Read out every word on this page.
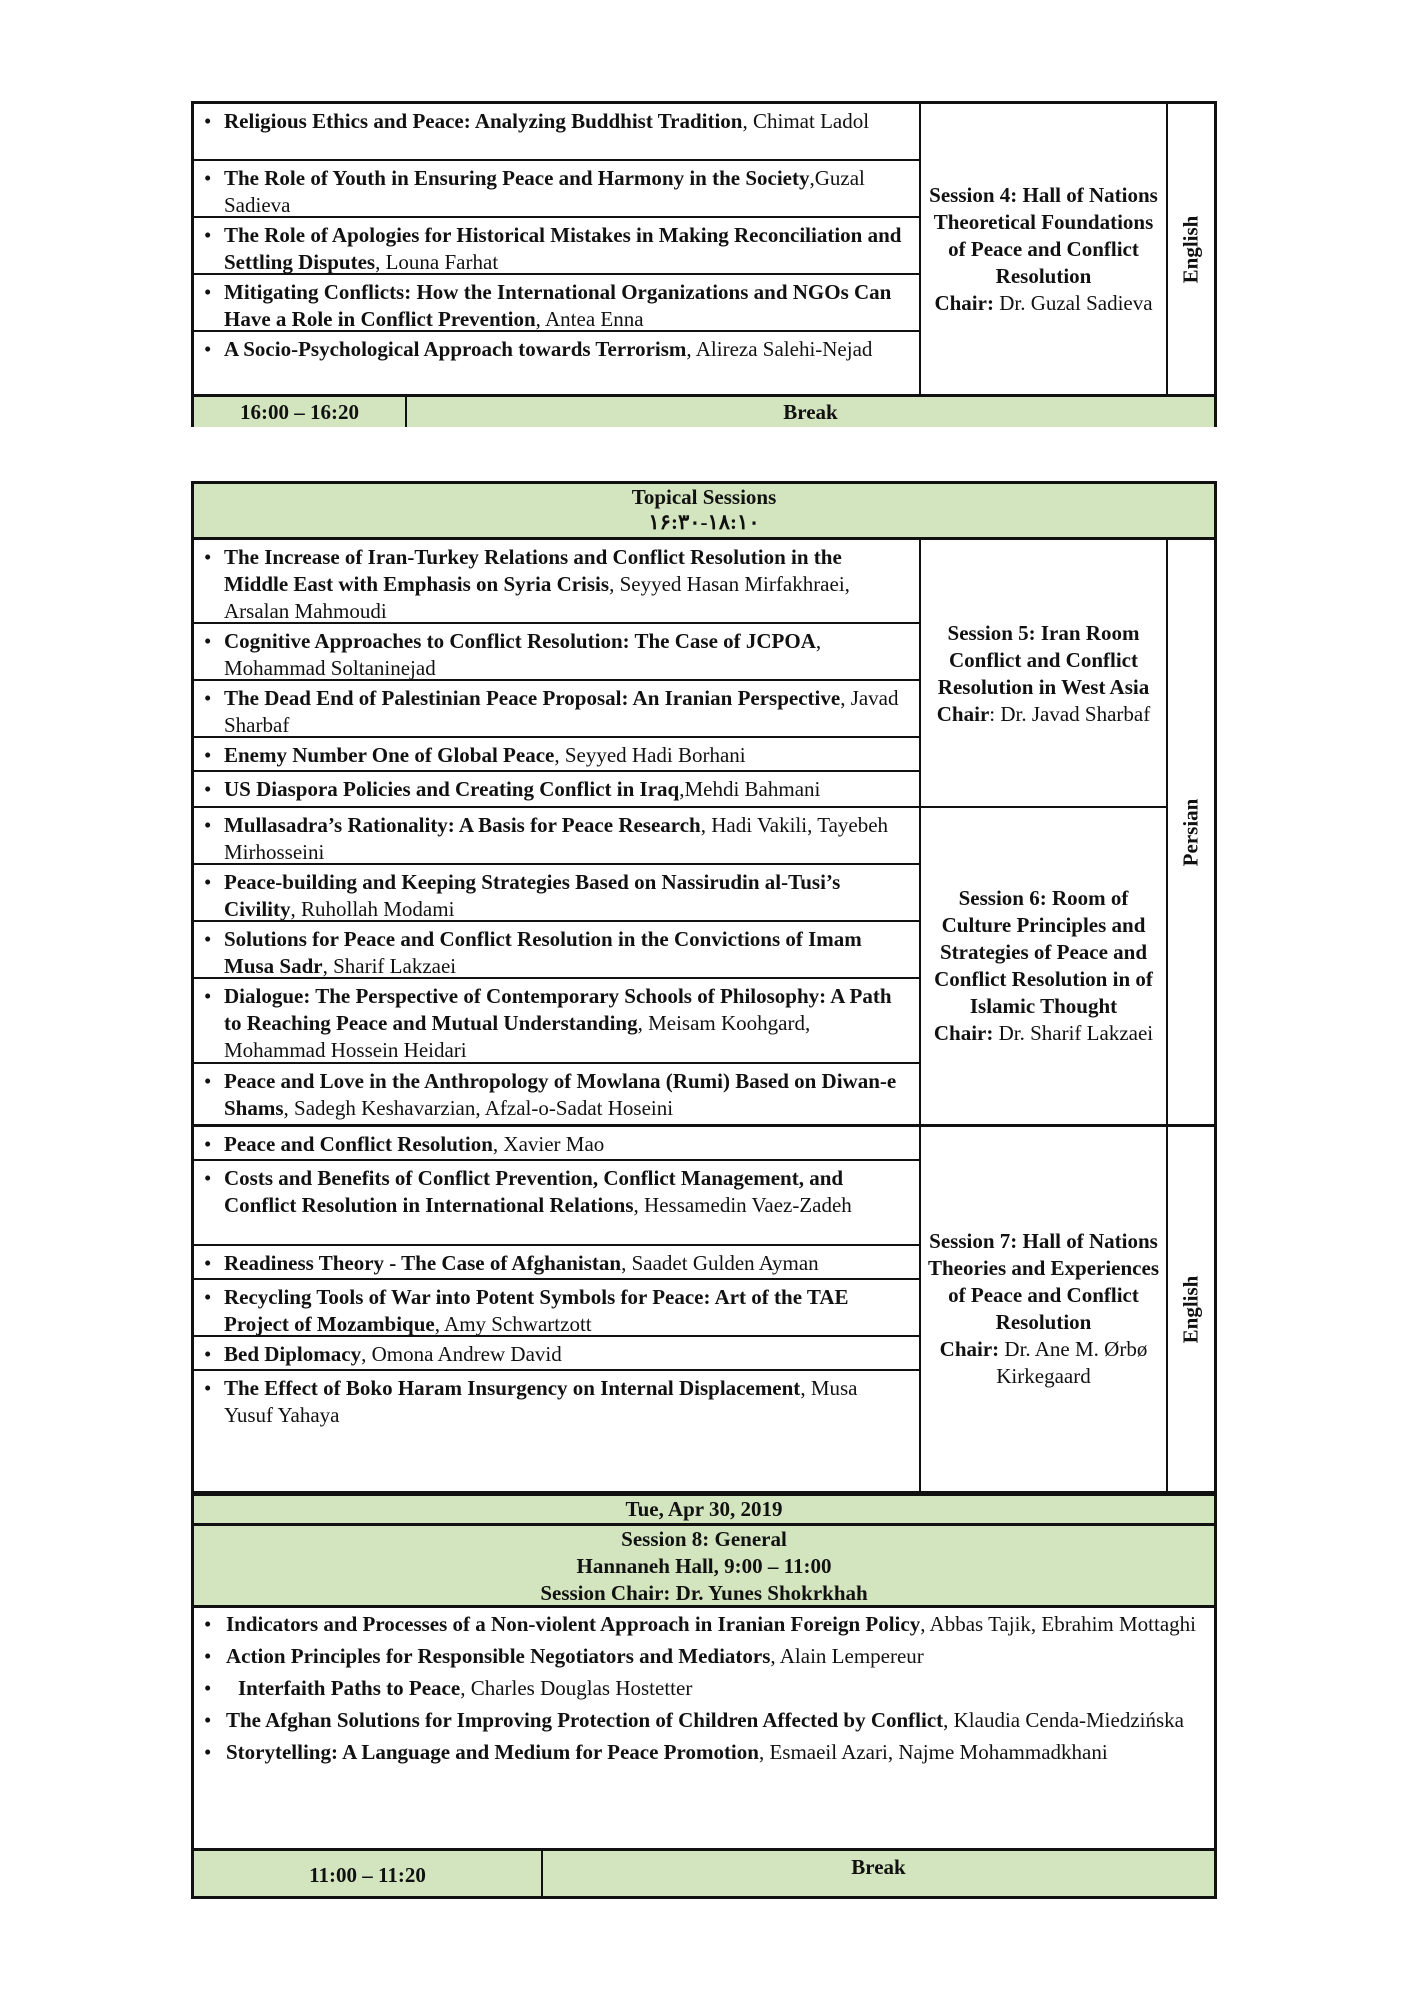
• Religious Ethics and Peace: Analyzing Buddhist Tradition, Chimat Ladol
• The Role of Youth in Ensuring Peace and Harmony in the Society,Guzal Sadieva
• The Role of Apologies for Historical Mistakes in Making Reconciliation and Settling Disputes, Louna Farhat
• Mitigating Conflicts: How the International Organizations and NGOs Can Have a Role in Conflict Prevention, Antea Enna
• A Socio-Psychological Approach towards Terrorism, Alireza Salehi-Nejad
Session 4: Hall of Nations Theoretical Foundations of Peace and Conflict Resolution
Chair: Dr. Guzal Sadieva
English
16:00 – 16:20	Break
Topical Sessions
۱۶:۳۰-۱۸:۱۰
• The Increase of Iran-Turkey Relations and Conflict Resolution in the Middle East with Emphasis on Syria Crisis, Seyyed Hasan Mirfakhraei, Arsalan Mahmoudi
• Cognitive Approaches to Conflict Resolution: The Case of JCPOA, Mohammad Soltaninejad
• The Dead End of Palestinian Peace Proposal: An Iranian Perspective, Javad Sharbaf
• Enemy Number One of Global Peace, Seyyed Hadi Borhani
• US Diaspora Policies and Creating Conflict in Iraq,Mehdi Bahmani
Session 5: Iran Room Conflict and Conflict Resolution in West Asia
Chair: Dr. Javad Sharbaf
• Mullasadra’s Rationality: A Basis for Peace Research, Hadi Vakili, Tayebeh Mirhosseini
• Peace-building and Keeping Strategies Based on Nassirudin al-Tusi’s Civility, Ruhollah Modami
• Solutions for Peace and Conflict Resolution in the Convictions of Imam Musa Sadr, Sharif Lakzaei
• Dialogue: The Perspective of Contemporary Schools of Philosophy: A Path to Reaching Peace and Mutual Understanding, Meisam Koohgard, Mohammad Hossein Heidari
• Peace and Love in the Anthropology of Mowlana (Rumi) Based on Diwan-e Shams, Sadegh Keshavarzian, Afzal-o-Sadat Hoseini
Session 6: Room of Culture Principles and Strategies of Peace and Conflict Resolution in of Islamic Thought
Chair: Dr. Sharif Lakzaei
Persian
• Peace and Conflict Resolution, Xavier Mao
• Costs and Benefits of Conflict Prevention, Conflict Management, and Conflict Resolution in International Relations, Hessamedin Vaez-Zadeh
• Readiness Theory - The Case of Afghanistan, Saadet Gulden Ayman
• Recycling Tools of War into Potent Symbols for Peace: Art of the TAE Project of Mozambique, Amy Schwartzott
• Bed Diplomacy, Omona Andrew David
• The Effect of Boko Haram Insurgency on Internal Displacement, Musa Yusuf Yahaya
Session 7: Hall of Nations Theories and Experiences of Peace and Conflict Resolution
Chair: Dr. Ane M. Ørbø Kirkegaard
English
Tue, Apr 30, 2019
Session 8: General
Hannaneh Hall, 9:00 – 11:00
Session Chair: Dr. Yunes Shokrkhah
• Indicators and Processes of a Non-violent Approach in Iranian Foreign Policy, Abbas Tajik, Ebrahim Mottaghi
• Action Principles for Responsible Negotiators and Mediators, Alain Lempereur
• Interfaith Paths to Peace, Charles Douglas Hostetter
• The Afghan Solutions for Improving Protection of Children Affected by Conflict, Klaudia Cenda-Miedzińska
• Storytelling: A Language and Medium for Peace Promotion, Esmaeil Azari, Najme Mohammadkhani
11:00 – 11:20	Break
